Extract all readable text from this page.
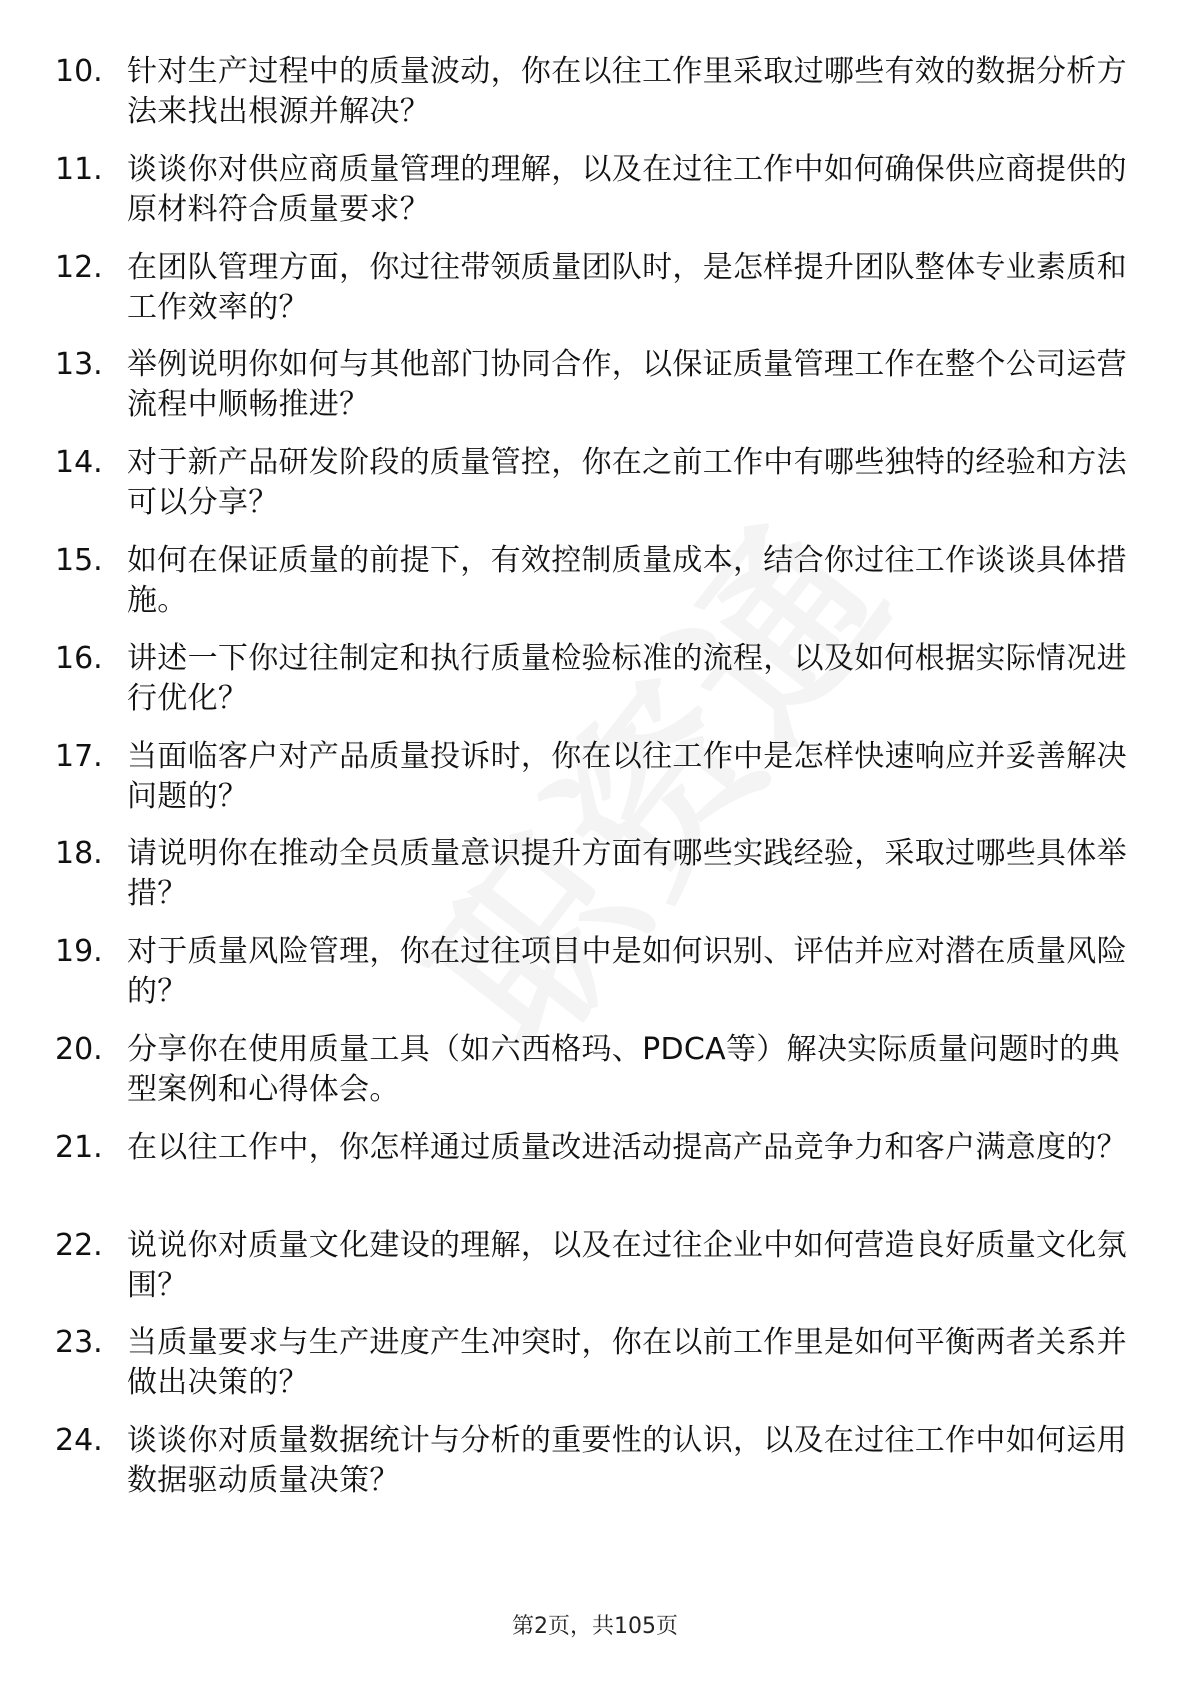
10. 针对生产过程中的质量波动，你在以往工作里采取过哪些有效的数据分析方法来找出根源并解决？
11. 谈谈你对供应商质量管理的理解，以及在过往工作中如何确保供应商提供的原材料符合质量要求？
12. 在团队管理方面，你过往带领质量团队时，是怎样提升团队整体专业素质和工作效率的？
13. 举例说明你如何与其他部门协同合作，以保证质量管理工作在整个公司运营流程中顺畅推进？
14. 对于新产品研发阶段的质量管控，你在之前工作中有哪些独特的经验和方法可以分享？
15. 如何在保证质量的前提下，有效控制质量成本，结合你过往工作谈谈具体措施。
16. 讲述一下你过往制定和执行质量检验标准的流程，以及如何根据实际情况进行优化？
17. 当面临客户对产品质量投诉时，你在以往工作中是怎样快速响应并妥善解决问题的？
18. 请说明你在推动全员质量意识提升方面有哪些实践经验，采取过哪些具体举措？
19. 对于质量风险管理，你在过往项目中是如何识别、评估并应对潜在质量风险的？
20. 分享你在使用质量工具（如六西格玛、PDCA等）解决实际质量问题时的典型案例和心得体会。
21. 在以往工作中，你怎样通过质量改进活动提高产品竞争力和客户满意度的？
22. 说说你对质量文化建设的理解，以及在过往企业中如何营造良好质量文化氛围？
23. 当质量要求与生产进度产生冲突时，你在以前工作里是如何平衡两者关系并做出决策的？
24. 谈谈你对质量数据统计与分析的重要性的认识，以及在过往工作中如何运用数据驱动质量决策？
第2页，共105页
